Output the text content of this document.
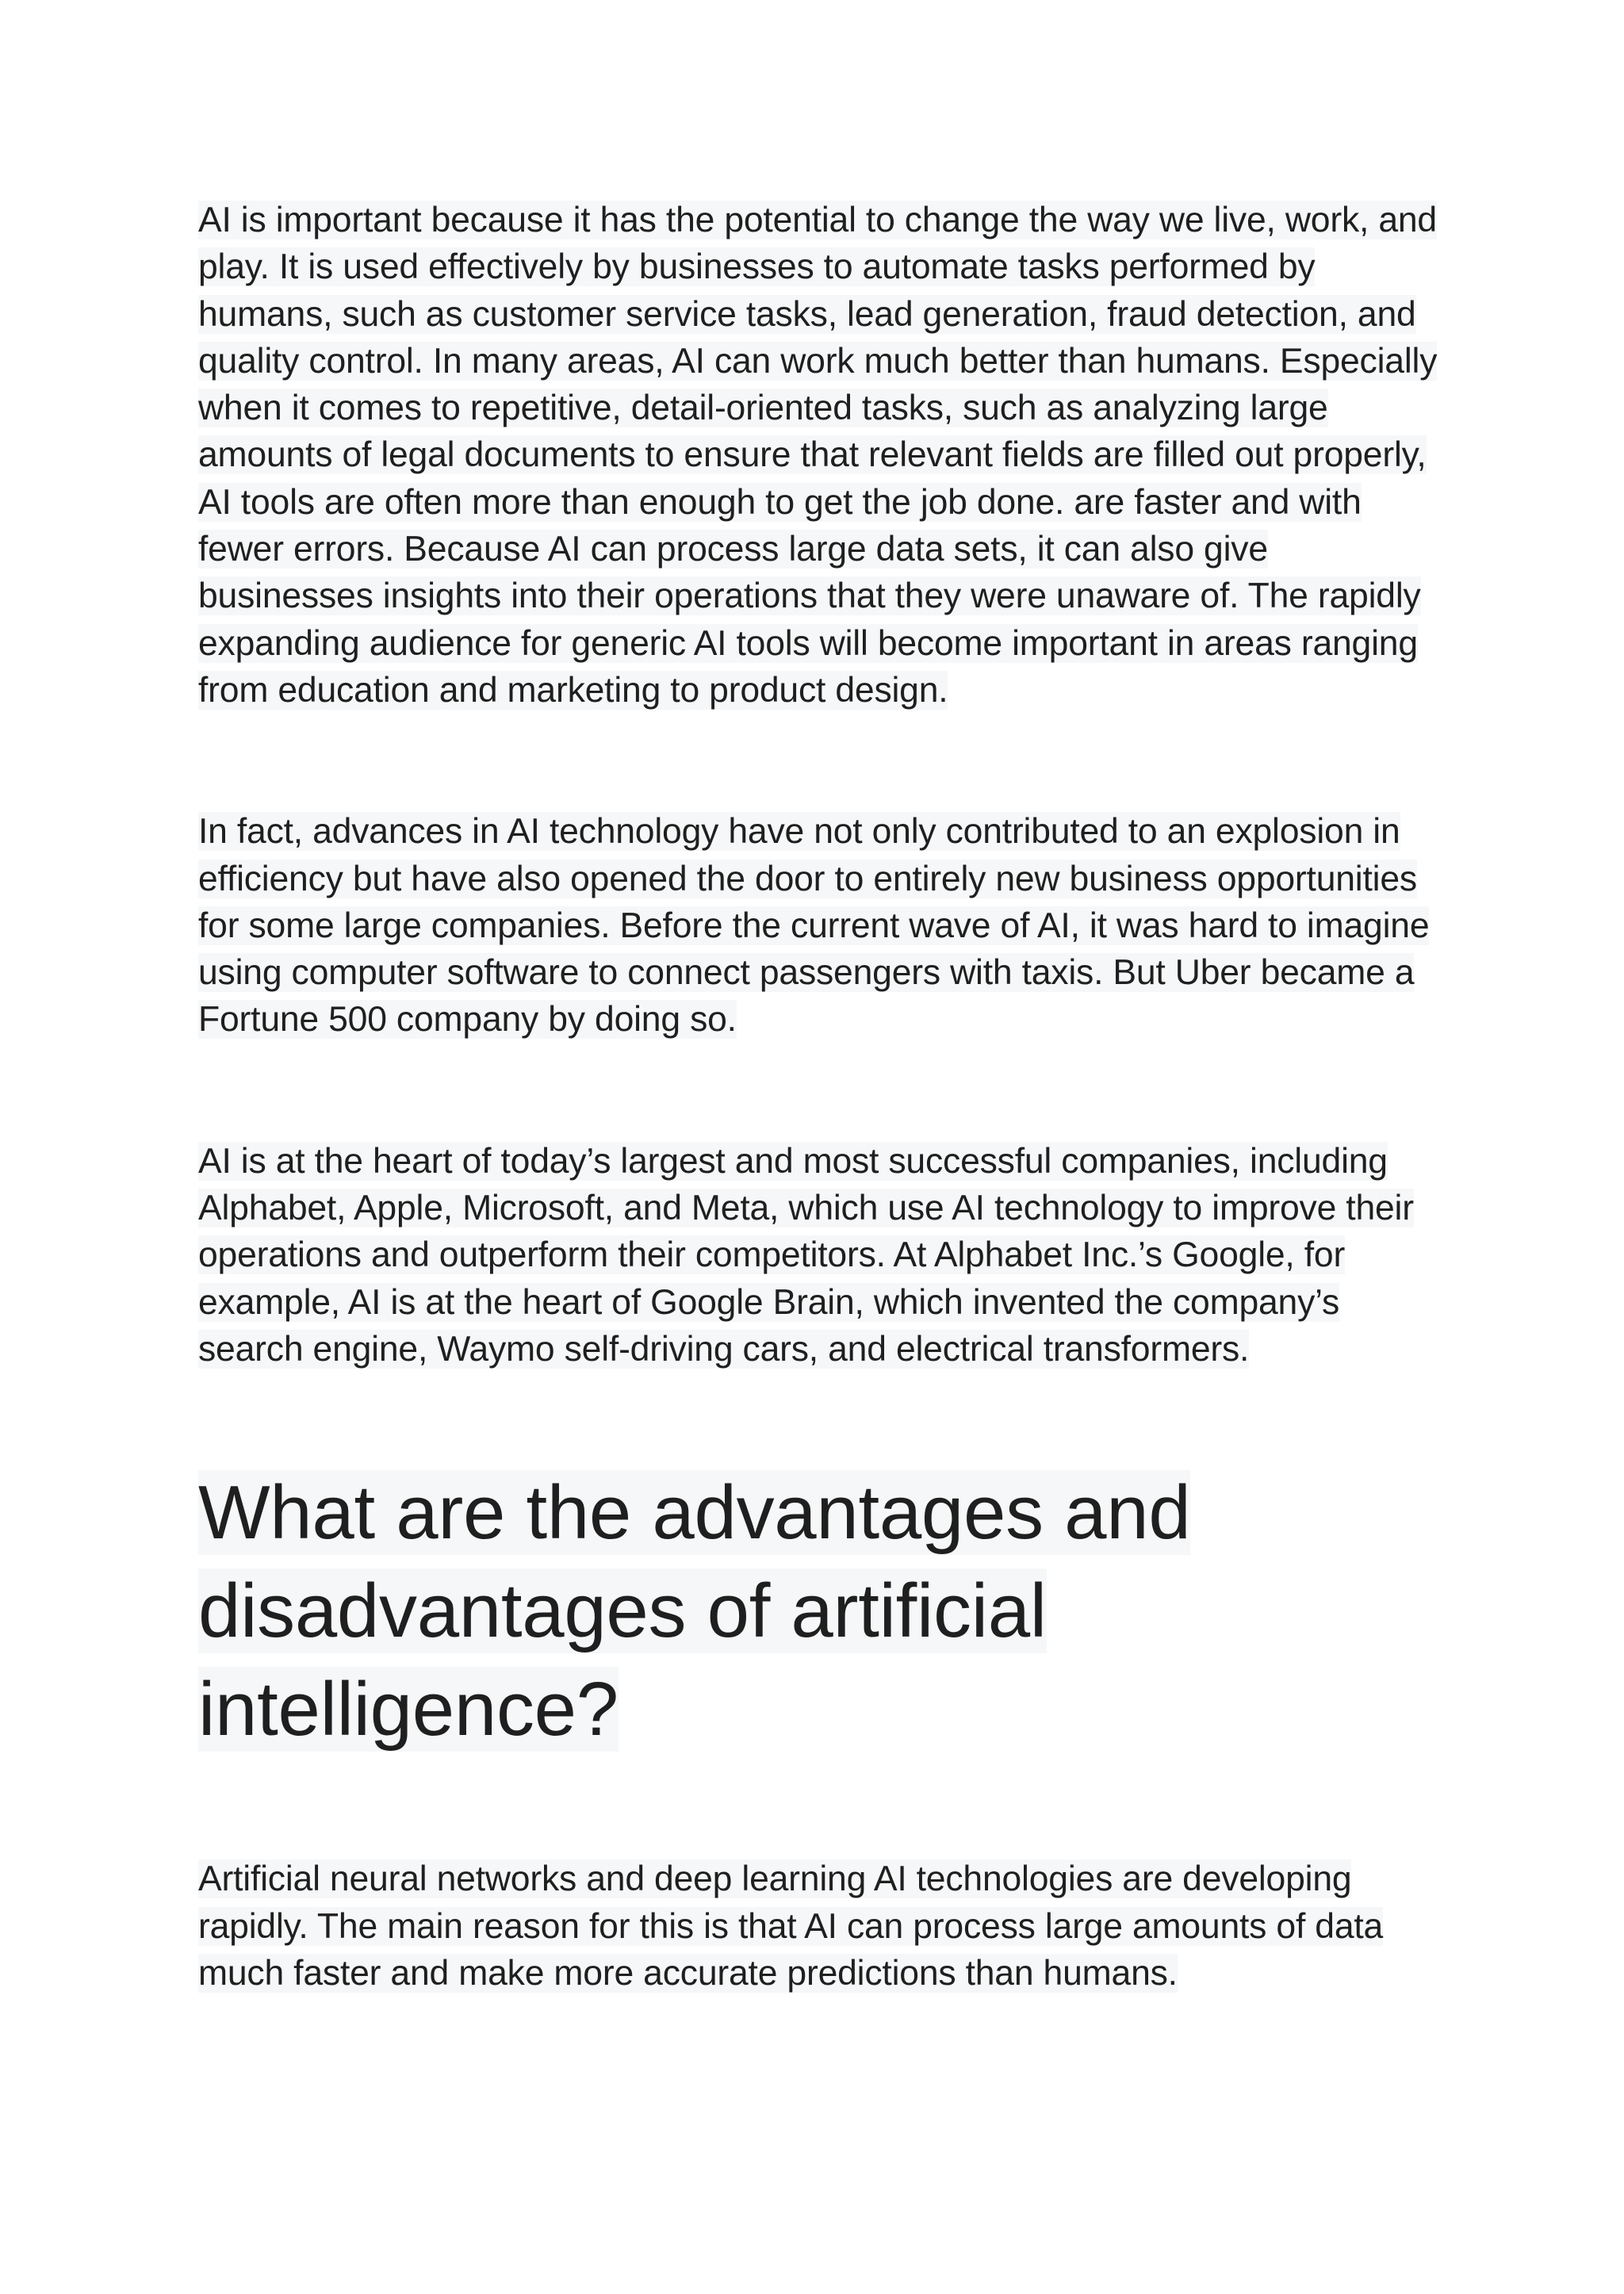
AI is important because it has the potential to change the way we live, work, and play. It is used effectively by businesses to automate tasks performed by humans, such as customer service tasks, lead generation, fraud detection, and quality control. In many areas, AI can work much better than humans. Especially when it comes to repetitive, detail-oriented tasks, such as analyzing large amounts of legal documents to ensure that relevant fields are filled out properly, AI tools are often more than enough to get the job done. are faster and with fewer errors. Because AI can process large data sets, it can also give businesses insights into their operations that they were unaware of. The rapidly expanding audience for generic AI tools will become important in areas ranging from education and marketing to product design.

In fact, advances in AI technology have not only contributed to an explosion in efficiency but have also opened the door to entirely new business opportunities for some large companies. Before the current wave of AI, it was hard to imagine using computer software to connect passengers with taxis. But Uber became a Fortune 500 company by doing so.

AI is at the heart of today’s largest and most successful companies, including Alphabet, Apple, Microsoft, and Meta, which use AI technology to improve their operations and outperform their competitors. At Alphabet Inc.’s Google, for example, AI is at the heart of Google Brain, which invented the company’s search engine, Waymo self-driving cars, and electrical transformers.

What are the advantages and disadvantages of artificial intelligence?

Artificial neural networks and deep learning AI technologies are developing rapidly. The main reason for this is that AI can process large amounts of data much faster and make more accurate predictions than humans.
